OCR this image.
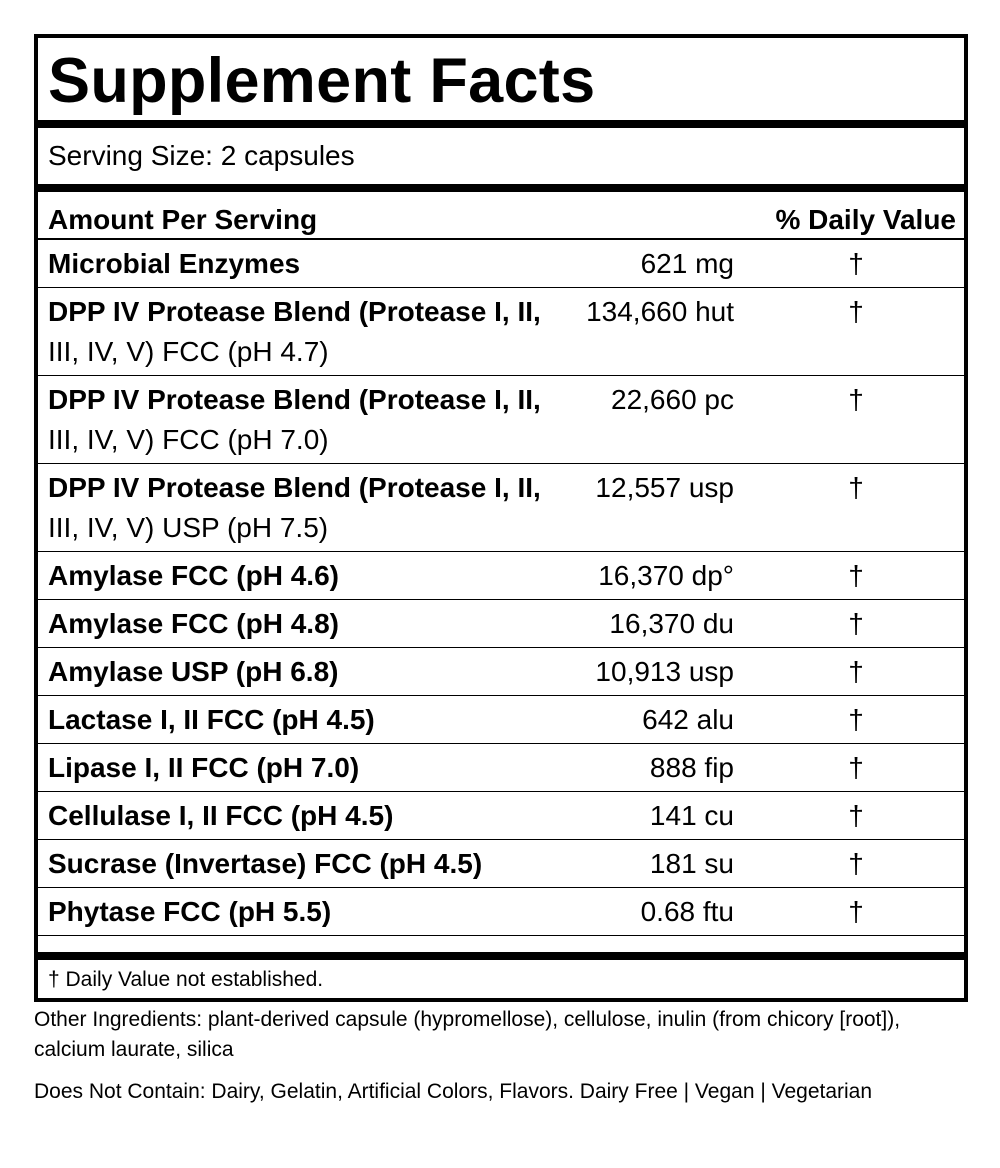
Supplement Facts
Serving Size: 2 capsules
Amount Per Serving	% Daily Value
Microbial Enzymes	621 mg	†
DPP IV Protease Blend (Protease I, II,
III, IV, V) FCC (pH 4.7)
134,660 hut	†
DPP IV Protease Blend (Protease I, II,
III, IV, V) FCC (pH 7.0)
22,660 pc	†
DPP IV Protease Blend (Protease I, II,
III, IV, V) USP (pH 7.5)
12,557 usp	†
Amylase FCC (pH 4.6)	16,370 dp°	†
Amylase FCC (pH 4.8)	16,370 du	†
Amylase USP (pH 6.8)	10,913 usp	†
Lactase I, II FCC (pH 4.5)	642 alu	†
Lipase I, II FCC (pH 7.0)	888 fip	†
Cellulase I, II FCC (pH 4.5)	141 cu	†
Sucrase (Invertase) FCC (pH 4.5)	181 su	†
Phytase FCC (pH 5.5)	0.68 ftu	†
† Daily Value not established.
Other Ingredients: plant-derived capsule (hypromellose), cellulose, inulin (from chicory [root]), calcium laurate, silica
Does Not Contain: Dairy, Gelatin, Artificial Colors, Flavors. Dairy Free | Vegan | Vegetarian
